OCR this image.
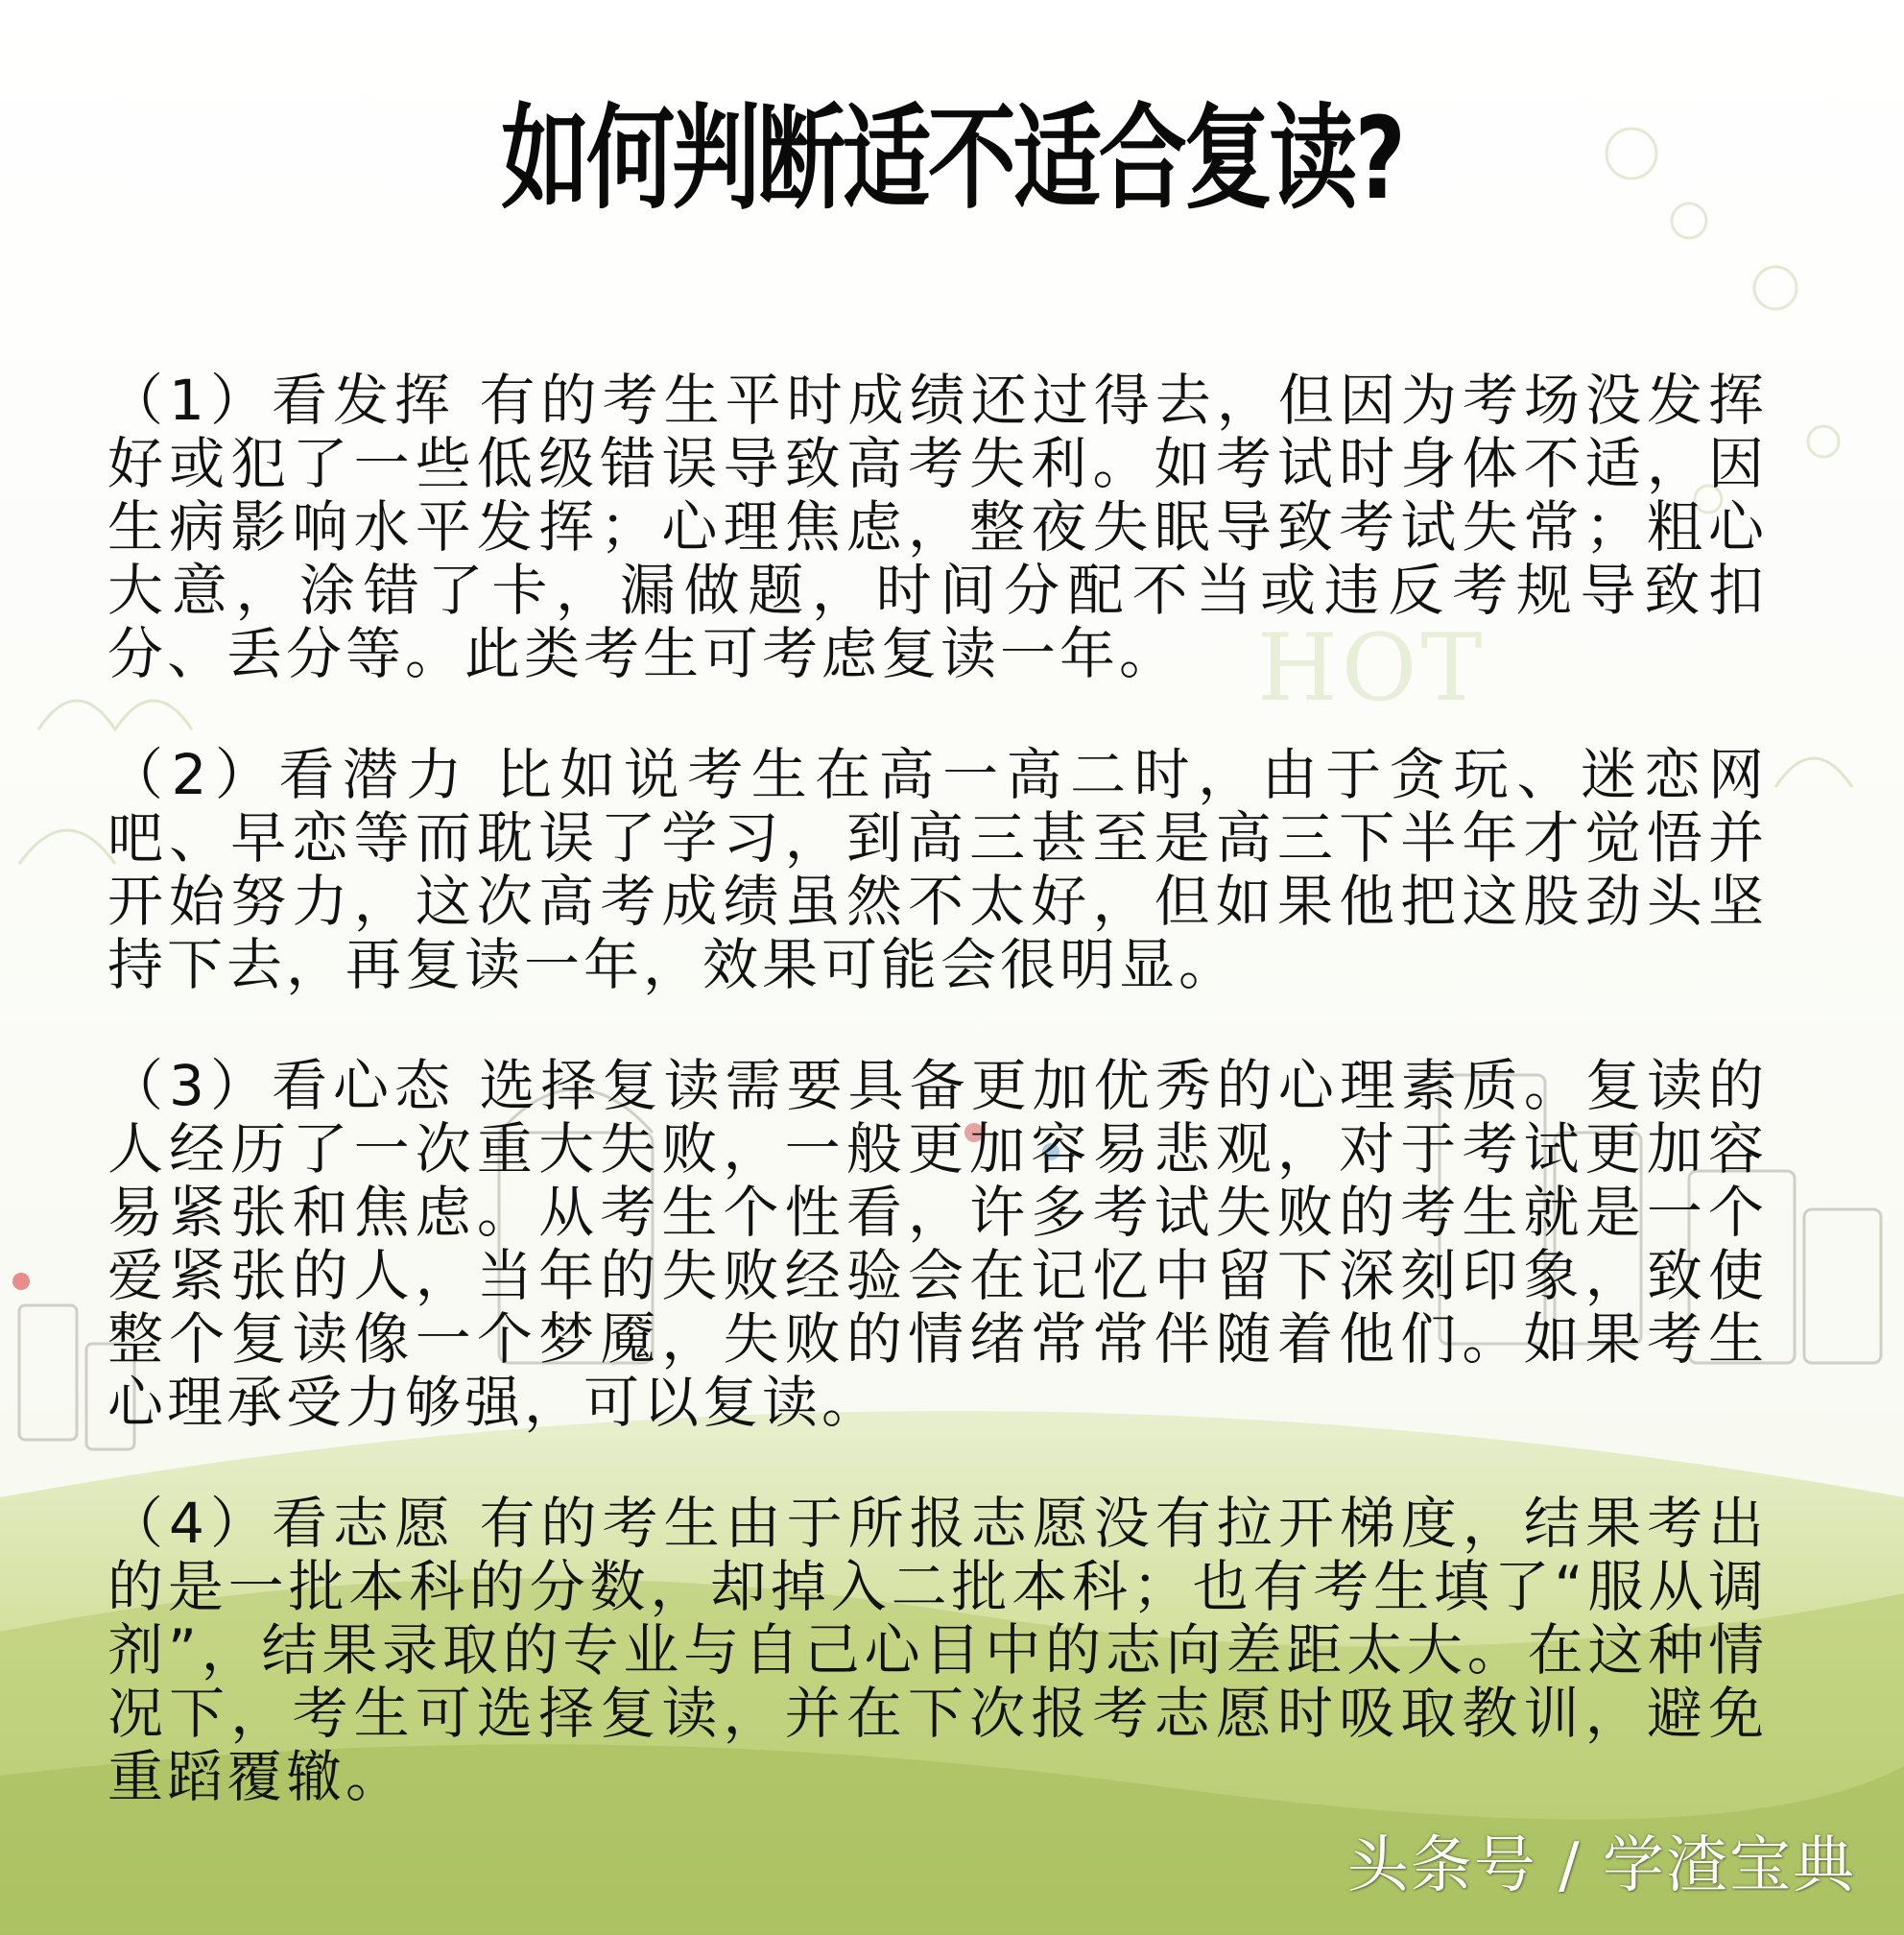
HOT
如何判断适不适合复读?

（1）看发挥 有的考生平时成绩还过得去，但因为考场没发挥好或犯了一些低级错误导致高考失利。如考试时身体不适，因生病影响水平发挥；心理焦虑，整夜失眠导致考试失常；粗心大意，涂错了卡，漏做题，时间分配不当或违反考规导致扣分、丢分等。此类考生可考虑复读一年。

（2）看潜力 比如说考生在高一高二时，由于贪玩、迷恋网吧、早恋等而耽误了学习，到高三甚至是高三下半年才觉悟并开始努力，这次高考成绩虽然不太好，但如果他把这股劲头坚持下去，再复读一年，效果可能会很明显。

（3）看心态 选择复读需要具备更加优秀的心理素质。复读的人经历了一次重大失败，一般更加容易悲观，对于考试更加容易紧张和焦虑。从考生个性看，许多考试失败的考生就是一个爱紧张的人，当年的失败经验会在记忆中留下深刻印象，致使整个复读像一个梦魇，失败的情绪常常伴随着他们。如果考生心理承受力够强，可以复读。

（4）看志愿 有的考生由于所报志愿没有拉开梯度，结果考出的是一批本科的分数，却掉入二批本科；也有考生填了“服从调剂”，结果录取的专业与自己心目中的志向差距太大。在这种情况下，考生可选择复读，并在下次报考志愿时吸取教训，避免重蹈覆辙。

头条号 / 学渣宝典
